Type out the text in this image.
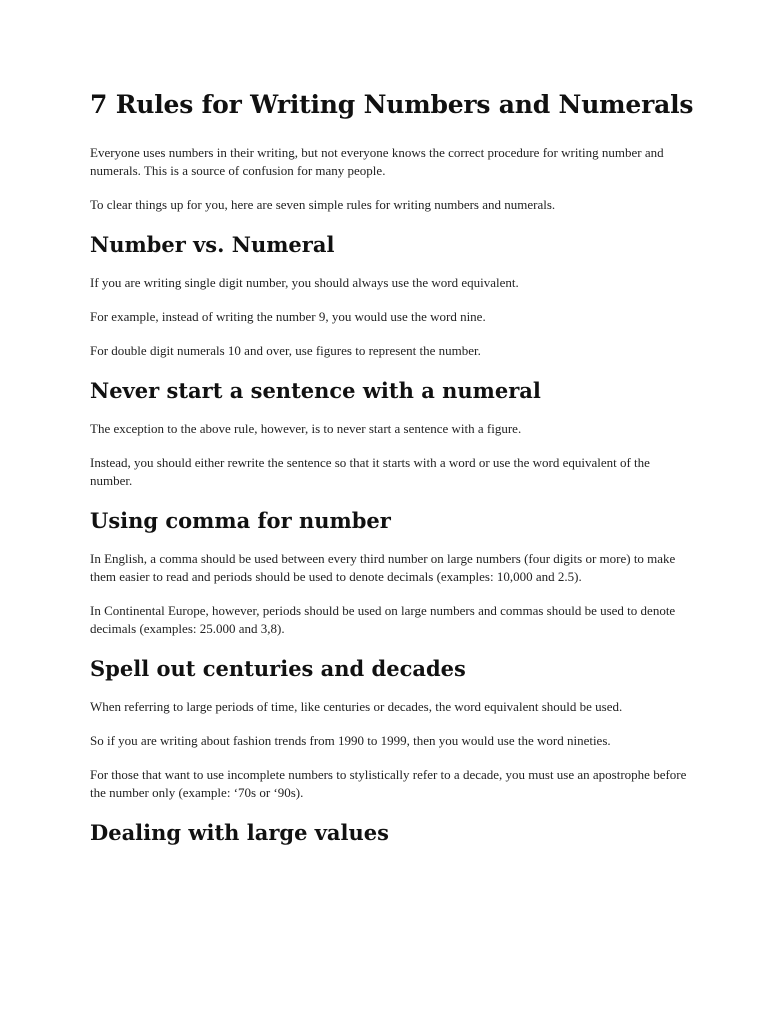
7 Rules for Writing Numbers and Numerals

Everyone uses numbers in their writing, but not everyone knows the correct procedure for writing number and numerals. This is a source of confusion for many people.

To clear things up for you, here are seven simple rules for writing numbers and numerals.

Number vs. Numeral

If you are writing single digit number, you should always use the word equivalent.

For example, instead of writing the number 9, you would use the word nine.

For double digit numerals 10 and over, use figures to represent the number.

Never start a sentence with a numeral

The exception to the above rule, however, is to never start a sentence with a figure.

Instead, you should either rewrite the sentence so that it starts with a word or use the word equivalent of the number.

Using comma for number

In English, a comma should be used between every third number on large numbers (four digits or more) to make them easier to read and periods should be used to denote decimals (examples: 10,000 and 2.5).

In Continental Europe, however, periods should be used on large numbers and commas should be used to denote decimals (examples: 25.000 and 3,8).

Spell out centuries and decades

When referring to large periods of time, like centuries or decades, the word equivalent should be used.

So if you are writing about fashion trends from 1990 to 1999, then you would use the word nineties.

For those that want to use incomplete numbers to stylistically refer to a decade, you must use an apostrophe before the number only (example: ‘70s or ‘90s).

Dealing with large values
